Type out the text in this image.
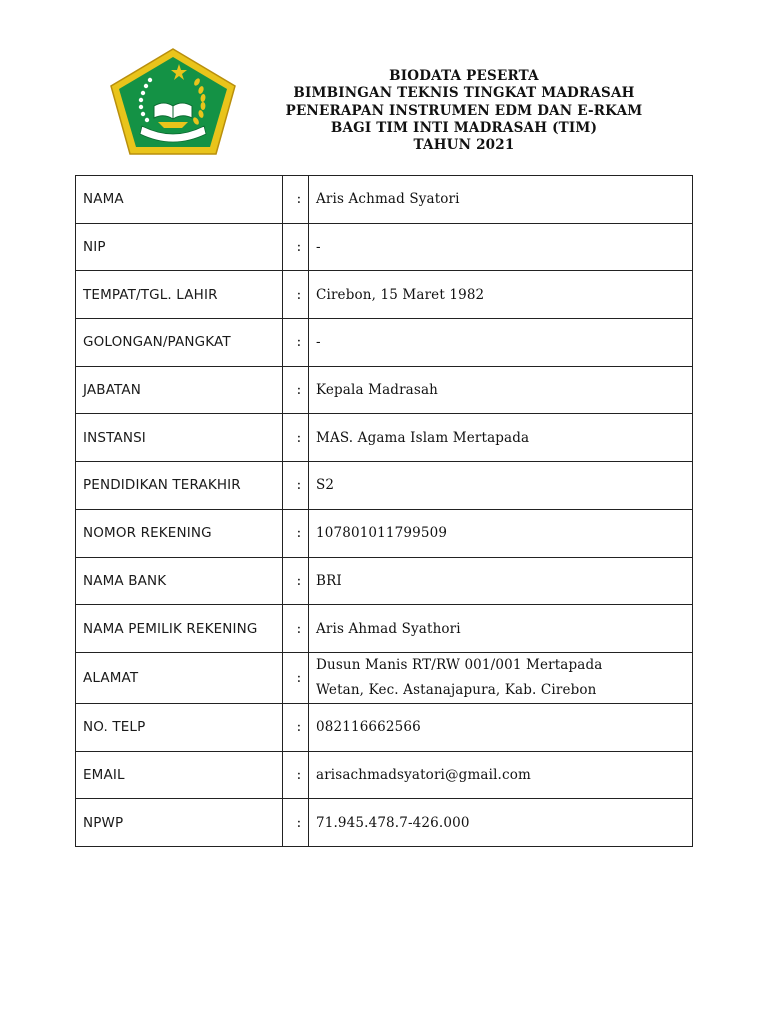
BIODATA PESERTA
BIMBINGAN TEKNIS TINGKAT MADRASAH
PENERAPAN INSTRUMEN EDM DAN E-RKAM
BAGI TIM INTI MADRASAH (TIM)
TAHUN 2021
NAMA	:	Aris Achmad Syatori
NIP	:	-
TEMPAT/TGL. LAHIR	:	Cirebon, 15 Maret 1982
GOLONGAN/PANGKAT	:	-
JABATAN	:	Kepala Madrasah
INSTANSI	:	MAS. Agama Islam Mertapada
PENDIDIKAN TERAKHIR	:	S2
NOMOR REKENING	:	107801011799509
NAMA BANK	:	BRI
NAMA PEMILIK REKENING	:	Aris Ahmad Syathori
ALAMAT	:	Dusun Manis RT/RW 001/001 Mertapada
Wetan, Kec. Astanajapura, Kab. Cirebon
NO. TELP	:	082116662566
EMAIL	:	arisachmadsyatori@gmail.com
NPWP	:	71.945.478.7-426.000
